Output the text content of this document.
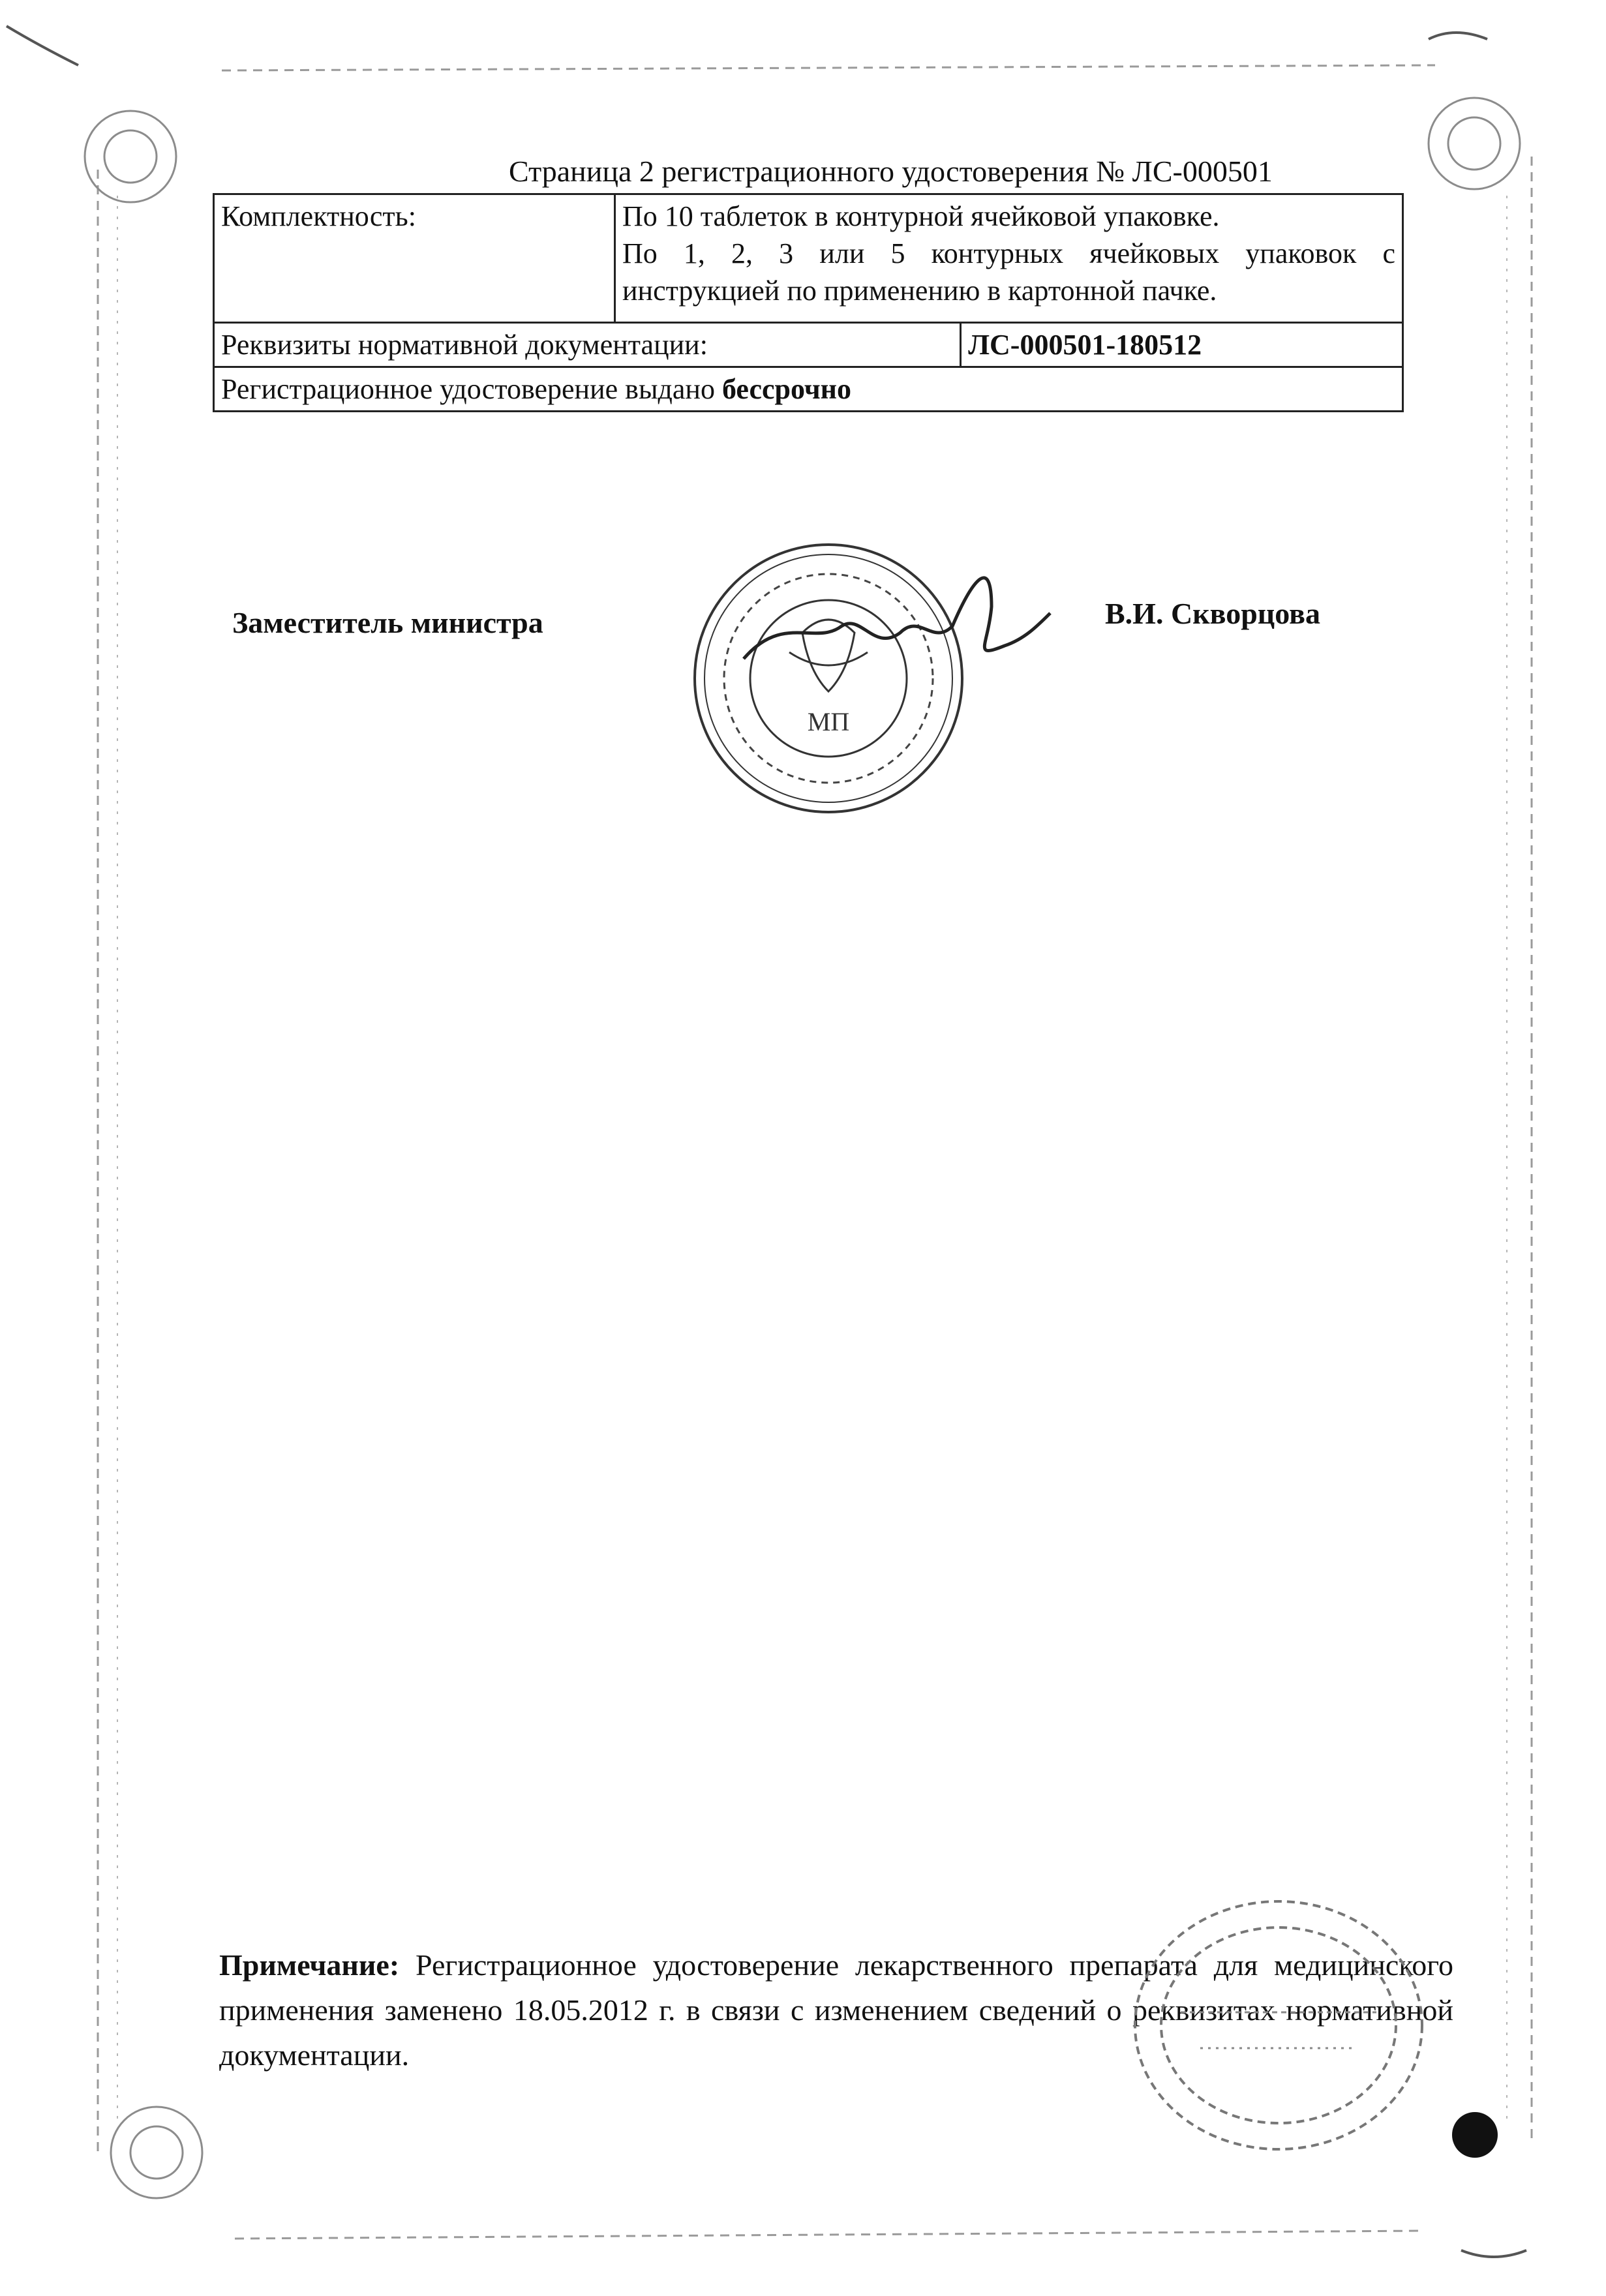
Страница 2 регистрационного удостоверения № ЛС-000501
Комплектность:	По 10 таблеток в контурной ячейковой упаковке.
По 1, 2, 3 или 5 контурных ячейковых упаковок с
инструкцией по применению в картонной пачке.	

Реквизиты нормативной документации:		ЛС-000501-180512
Регистрационное удостоверение выдано бессрочно		
Заместитель министра
МП
В.И. Скворцова
Примечание: Регистрационное удостоверение лекарственного препарата для медицинского применения заменено 18.05.2012 г. в связи с изменением сведений о реквизитах нормативной документации.
